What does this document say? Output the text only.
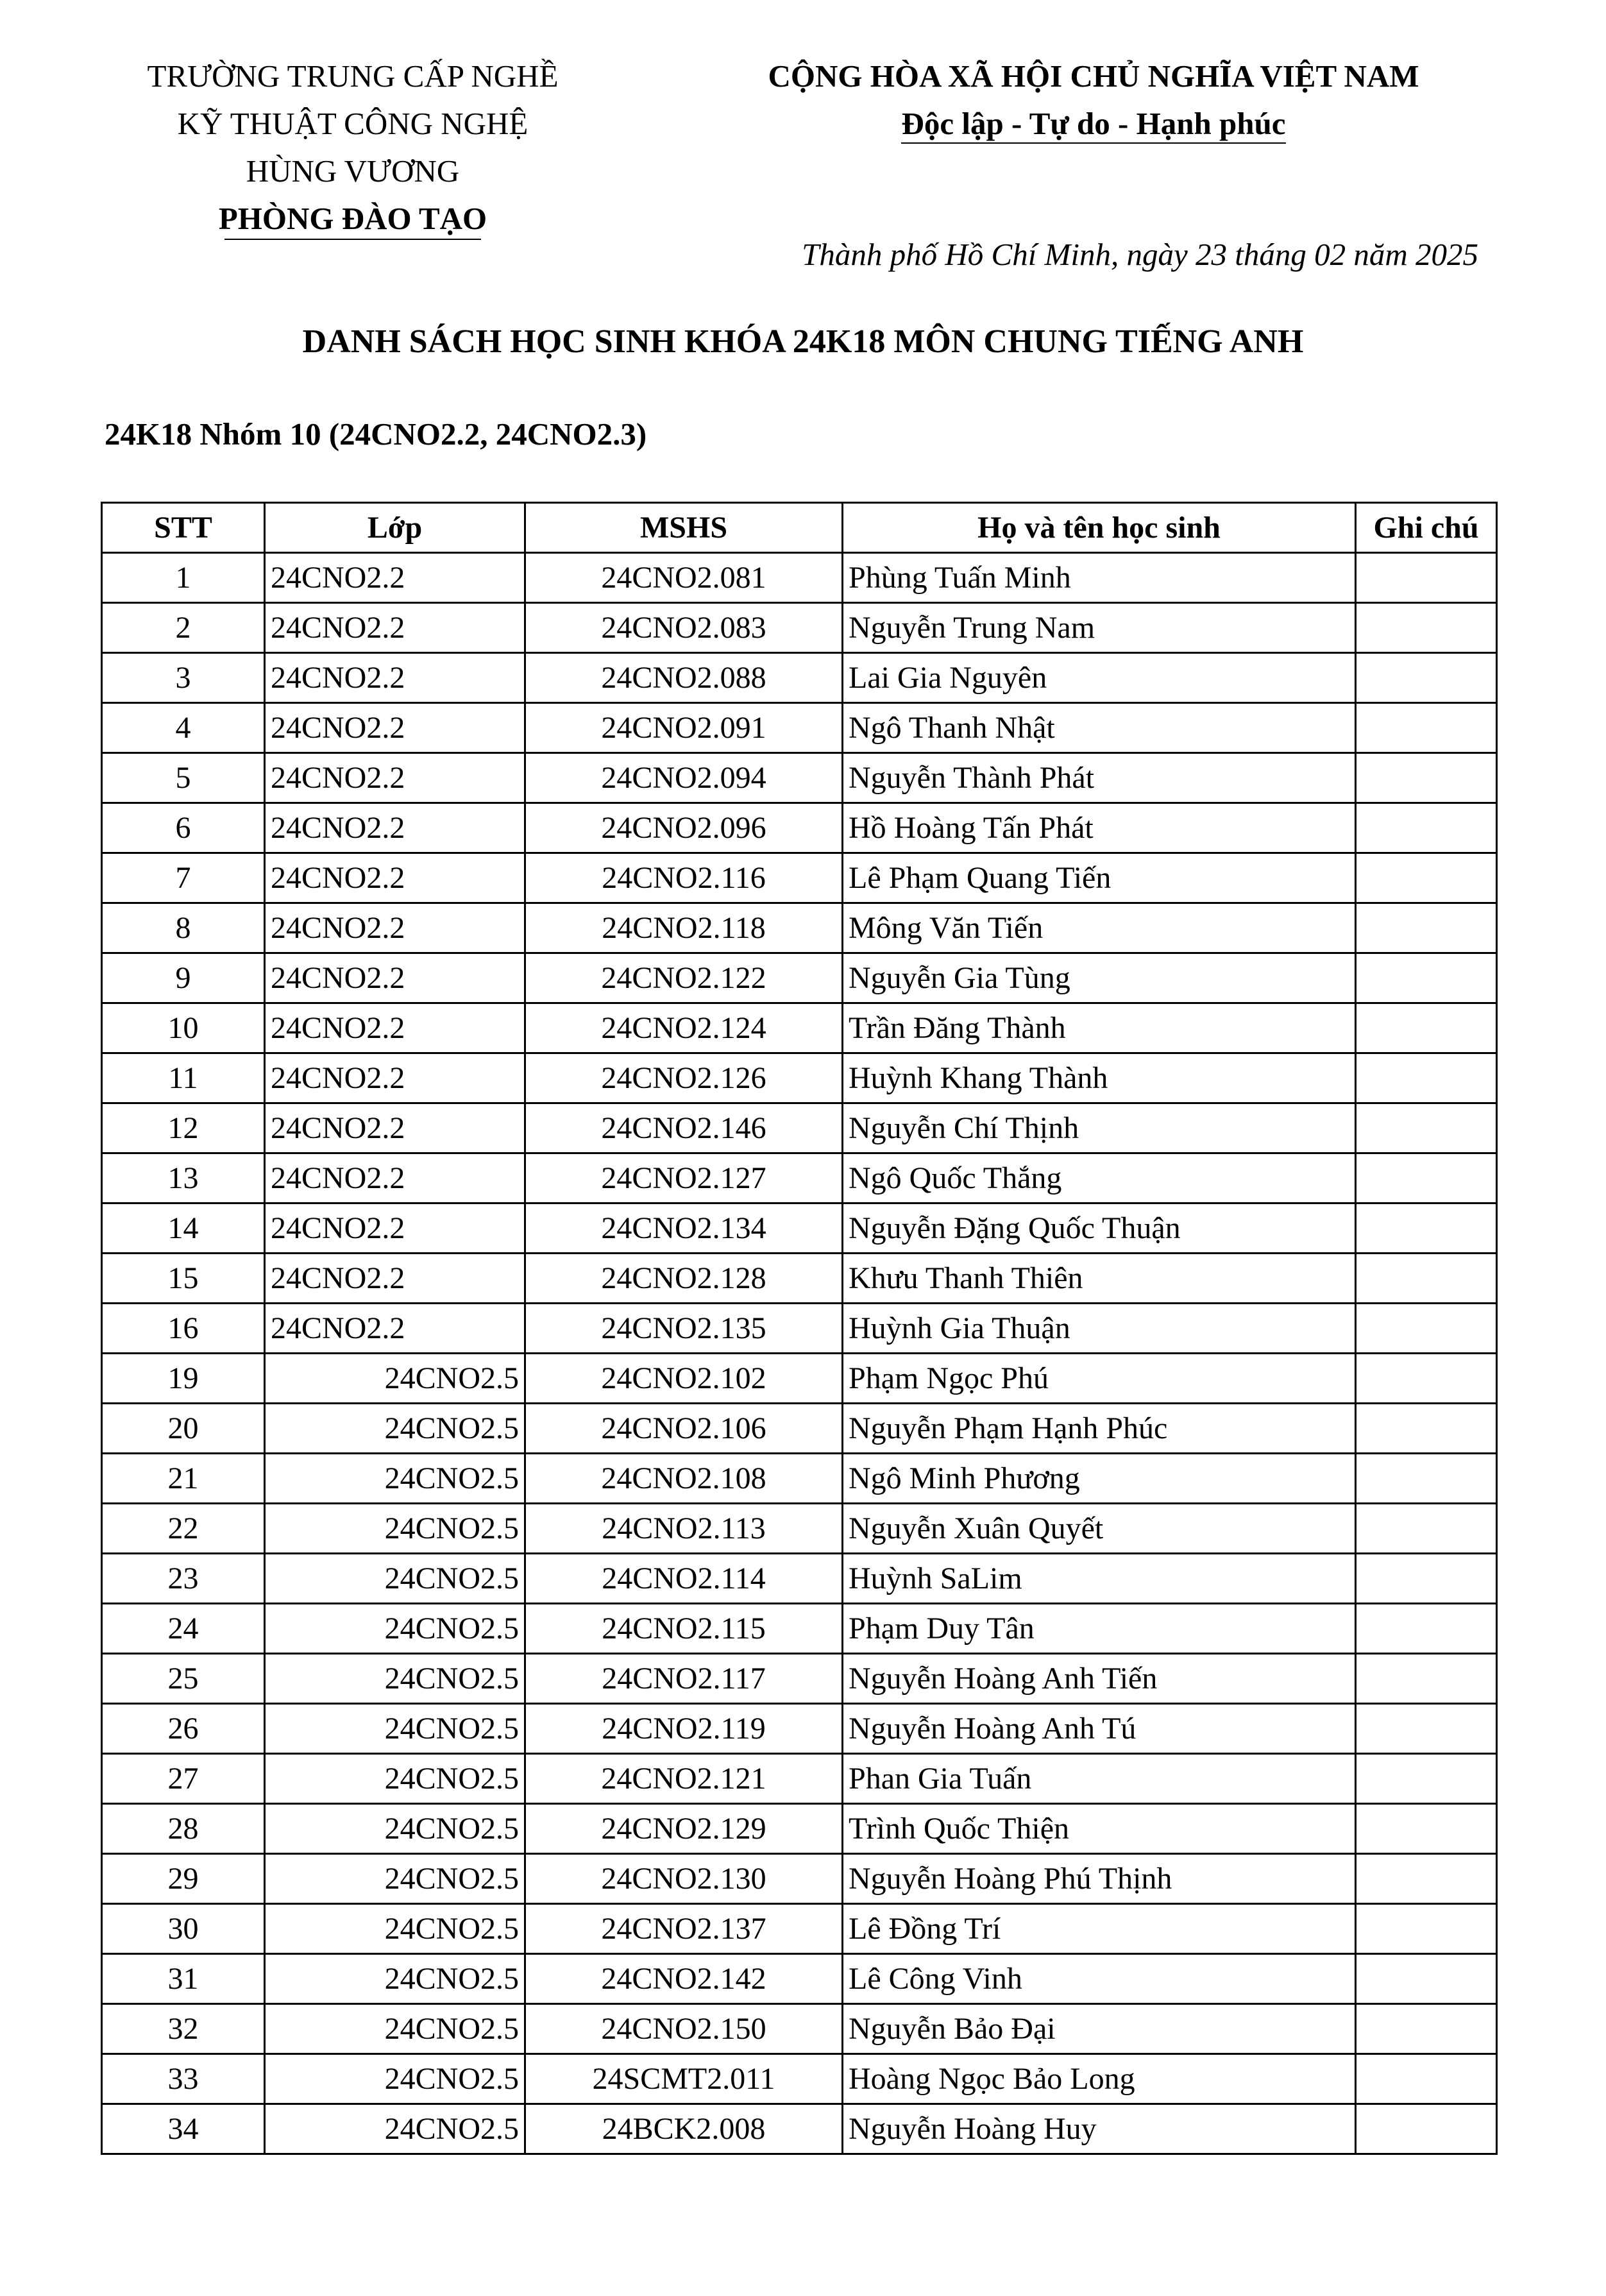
TRƯỜNG TRUNG CẤP NGHỀ
KỸ THUẬT CÔNG NGHỆ
HÙNG VƯƠNG
PHÒNG ĐÀO TẠO
CỘNG HÒA XÃ HỘI CHỦ NGHĨA VIỆT NAM
Độc lập - Tự do - Hạnh phúc
Thành phố Hồ Chí Minh, ngày 23 tháng 02 năm 2025
DANH SÁCH HỌC SINH KHÓA 24K18 MÔN CHUNG TIẾNG ANH
24K18 Nhóm 10 (24CNO2.2, 24CNO2.3)
STT	Lớp	MSHS	Họ và tên học sinh	Ghi chú
1	24CNO2.2	24CNO2.081	Phùng Tuấn Minh	
2	24CNO2.2	24CNO2.083	Nguyễn Trung Nam	
3	24CNO2.2	24CNO2.088	Lai Gia Nguyên	
4	24CNO2.2	24CNO2.091	Ngô Thanh Nhật	
5	24CNO2.2	24CNO2.094	Nguyễn Thành Phát	
6	24CNO2.2	24CNO2.096	Hồ Hoàng Tấn Phát	
7	24CNO2.2	24CNO2.116	Lê Phạm Quang Tiến	
8	24CNO2.2	24CNO2.118	Mông Văn Tiến	
9	24CNO2.2	24CNO2.122	Nguyễn Gia Tùng	
10	24CNO2.2	24CNO2.124	Trần Đăng Thành	
11	24CNO2.2	24CNO2.126	Huỳnh Khang Thành	
12	24CNO2.2	24CNO2.146	Nguyễn Chí Thịnh	
13	24CNO2.2	24CNO2.127	Ngô Quốc Thắng	
14	24CNO2.2	24CNO2.134	Nguyễn Đặng Quốc Thuận	
15	24CNO2.2	24CNO2.128	Khưu Thanh Thiên	
16	24CNO2.2	24CNO2.135	Huỳnh Gia Thuận	
19	24CNO2.5	24CNO2.102	Phạm Ngọc Phú	
20	24CNO2.5	24CNO2.106	Nguyễn Phạm Hạnh Phúc	
21	24CNO2.5	24CNO2.108	Ngô Minh Phương	
22	24CNO2.5	24CNO2.113	Nguyễn Xuân Quyết	
23	24CNO2.5	24CNO2.114	Huỳnh SaLim	
24	24CNO2.5	24CNO2.115	Phạm Duy Tân	
25	24CNO2.5	24CNO2.117	Nguyễn Hoàng Anh Tiến	
26	24CNO2.5	24CNO2.119	Nguyễn Hoàng Anh Tú	
27	24CNO2.5	24CNO2.121	Phan Gia Tuấn	
28	24CNO2.5	24CNO2.129	Trình Quốc Thiện	
29	24CNO2.5	24CNO2.130	Nguyễn Hoàng Phú Thịnh	
30	24CNO2.5	24CNO2.137	Lê Đồng Trí	
31	24CNO2.5	24CNO2.142	Lê Công Vinh	
32	24CNO2.5	24CNO2.150	Nguyễn Bảo Đại	
33	24CNO2.5	24SCMT2.011	Hoàng Ngọc Bảo Long	
34	24CNO2.5	24BCK2.008	Nguyễn Hoàng Huy	
